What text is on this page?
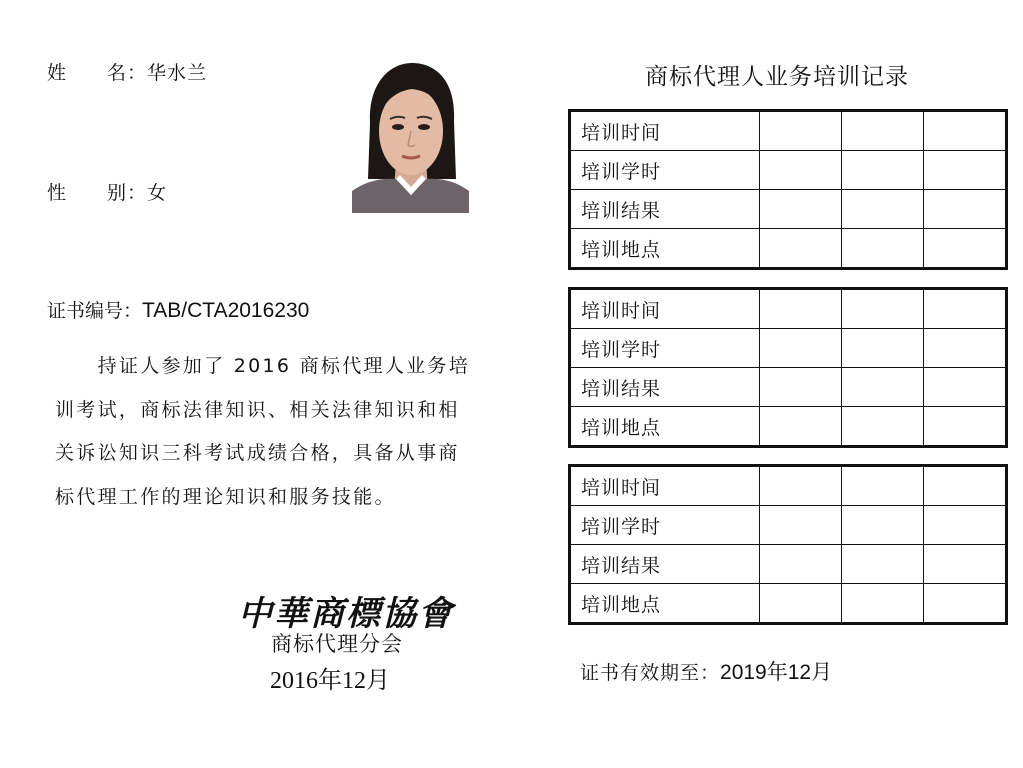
姓　　名：华水兰
性　　别：女
证书编号：TAB/CTA2016230
　　持证人参加了 2016 商标代理人业务培
训考试，商标法律知识、相关法律知识和相
关诉讼知识三科考试成绩合格，具备从事商
标代理工作的理论知识和服务技能。
中華商標協會
商标代理分会
2016年12月
商标代理人业务培训记录
培训时间			
培训学时			
培训结果			
培训地点			
培训时间			
培训学时			
培训结果			
培训地点			
培训时间			
培训学时			
培训结果			
培训地点			
证书有效期至：2019年12月
